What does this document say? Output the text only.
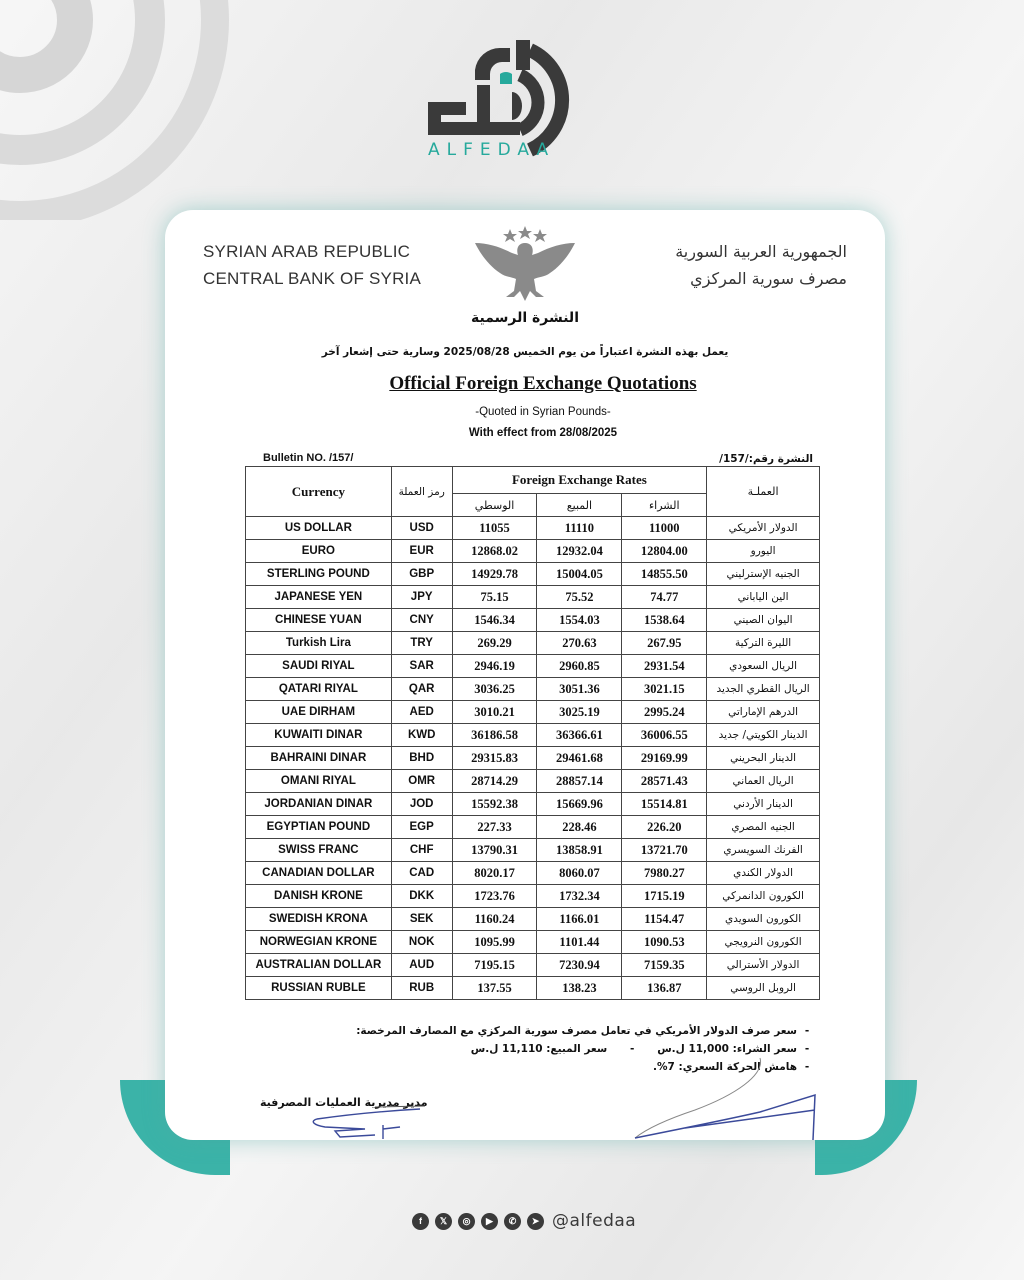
ALFEDAA
SYRIAN ARAB REPUBLIC
CENTRAL BANK OF SYRIA
الجمهورية العربية السورية
مصرف سورية المركزي
النشرة الرسمية
يعمل بهذه النشرة اعتباراً من يوم الخميس 2025/08/28 وسارية حتى إشعار آخر
Official Foreign Exchange Quotations
-Quoted in Syrian Pounds-
With effect from 28/08/2025
Bulletin NO. /157/	النشرة رقم:/157/
Currency	رمز العملة	Foreign Exchange Rates			العملـة
		الوسطي	المبيع	الشراء	
US DOLLAR	USD	11055	11110	11000	الدولار الأمريكي
EURO	EUR	12868.02	12932.04	12804.00	اليورو
STERLING POUND	GBP	14929.78	15004.05	14855.50	الجنيه الإسترليني
JAPANESE YEN	JPY	75.15	75.52	74.77	الين الياباني
CHINESE YUAN	CNY	1546.34	1554.03	1538.64	اليوان الصيني
Turkish Lira	TRY	269.29	270.63	267.95	الليرة التركية
SAUDI RIYAL	SAR	2946.19	2960.85	2931.54	الريال السعودي
QATARI RIYAL	QAR	3036.25	3051.36	3021.15	الريال القطري الجديد
UAE DIRHAM	AED	3010.21	3025.19	2995.24	الدرهم الإماراتي
KUWAITI DINAR	KWD	36186.58	36366.61	36006.55	الدينار الكويتي/ جديد
BAHRAINI DINAR	BHD	29315.83	29461.68	29169.99	الدينار البحريني
OMANI RIYAL	OMR	28714.29	28857.14	28571.43	الريال العماني
JORDANIAN DINAR	JOD	15592.38	15669.96	15514.81	الدينار الأردني
EGYPTIAN POUND	EGP	227.33	228.46	226.20	الجنيه المصري
SWISS FRANC	CHF	13790.31	13858.91	13721.70	الفرنك السويسري
CANADIAN DOLLAR	CAD	8020.17	8060.07	7980.27	الدولار الكندي
DANISH KRONE	DKK	1723.76	1732.34	1715.19	الكورون الدانمركي
SWEDISH KRONA	SEK	1160.24	1166.01	1154.47	الكورون السويدي
NORWEGIAN KRONE	NOK	1095.99	1101.44	1090.53	الكورون النرويجي
AUSTRALIAN DOLLAR	AUD	7195.15	7230.94	7159.35	الدولار الأسترالي
RUSSIAN RUBLE	RUB	137.55	138.23	136.87	الروبل الروسي
-سعر صرف الدولار الأمريكي في تعامل مصرف سورية المركزي مع المصارف المرخصة:
-سعر الشراء: 11,000 ل.س-سعر المبيع: 11,110 ل.س
-هامش الحركة السعري: 7%.
مدير مديرية العمليات المصرفية
f	𝕏	◎	▶	✆	➤ @alfedaa
